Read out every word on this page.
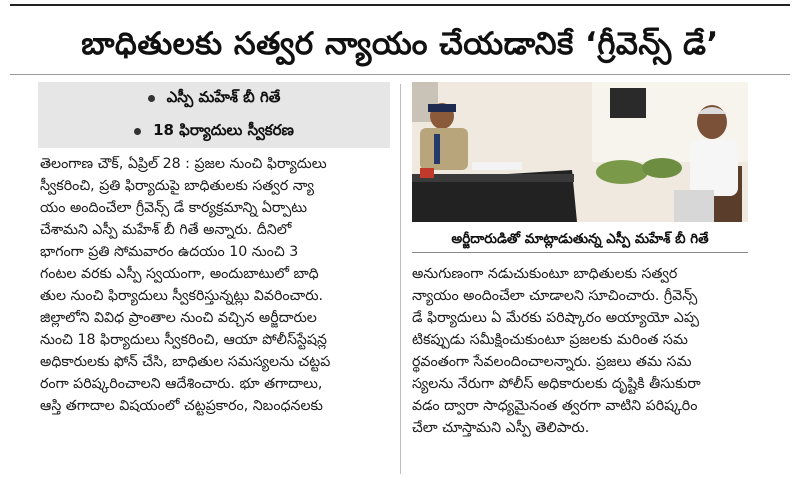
బాధితులకు సత్వర న్యాయం చేయడానికే ‘గ్రీవెన్స్ డే’
ఎస్పీ మహేశ్ బీ గితే
18 ఫిర్యాదులు స్వీకరణ
తెలంగాణ చౌక్, ఏప్రిల్ 28 : ప్రజల నుంచి ఫిర్యాదులు
స్వీకరించి, ప్రతి ఫిర్యాదుపై బాధితులకు సత్వర న్యా
యం అందించేలా గ్రీవెన్స్ డే కార్యక్రమాన్ని ఏర్పాటు
చేశామని ఎస్పీ మహేశ్ బీ గితే అన్నారు. దీనిలో
భాగంగా ప్రతి సోమవారం ఉదయం 10 నుంచి 3
గంటల వరకు ఎస్పీ స్వయంగా, అందుబాటులో బాధి
తుల నుంచి ఫిర్యాదులు స్వీకరిస్తున్నట్లు వివరించారు.
జిల్లాలోని వివిధ ప్రాంతాల నుంచి వచ్చిన అర్జీదారుల
నుంచి 18 ఫిర్యాదులు స్వీకరించి, ఆయా పోలీస్‌స్టేషన్ల
అధికారులకు ఫోన్ చేసి, బాధితుల సమస్యలను చట్టప
రంగా పరిష్కరించాలని ఆదేశించారు. భూ తగాదాలు,
ఆస్తి తగాదాల విషయంలో చట్టప్రకారం, నిబంధనలకు
అర్జీదారుడితో మాట్లాడుతున్న ఎస్పీ మహేశ్ బీ గితే
అనుగుణంగా నడుచుకుంటూ బాధితులకు సత్వర
న్యాయం అందించేలా చూడాలని సూచించారు. గ్రీవెన్స్
డే ఫిర్యాదులు ఏ మేరకు పరిష్కారం అయ్యాయో ఎప్ప
టికప్పుడు సమీక్షించుకుంటూ ప్రజలకు మరింత సమ
ర్థవంతంగా సేవలందించాలన్నారు. ప్రజలు తమ సమ
స్యలను నేరుగా పోలీస్ అధికారులకు దృష్టికి తీసుకురా
వడం ద్వారా సాధ్యమైనంత త్వరగా వాటిని పరిష్కరిం
చేలా చూస్తామని ఎస్పీ తెలిపారు.
